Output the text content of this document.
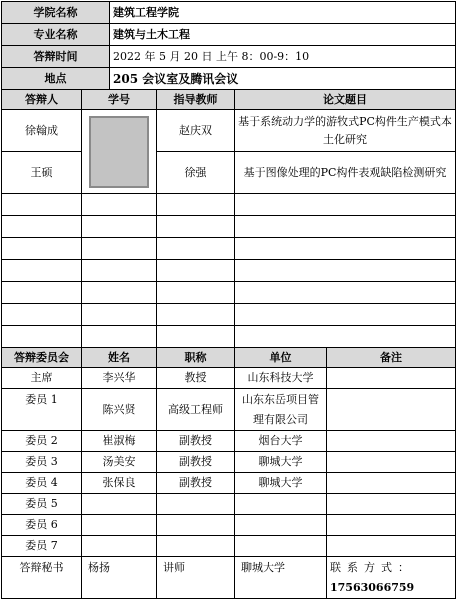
学院名称	建筑工程学院
专业名称	建筑与土木工程
答辩时间	2022 年 5 月 20 日 上午 8：00-9：10
地点	205 会议室及腾讯会议
答辩人	学号	指导教师	论文题目
徐翰成		赵庆双	基于系统动力学的游牧式PC构件生产模式本土化研究
王硕		徐强	基于图像处理的PC构件表观缺陷检测研究

答辩委员会	姓名	职称	单位	备注
主席	李兴华	教授	山东科技大学	
委员 1	陈兴贤	高级工程师	山东东岳项目管理有限公司	
委员 2	崔淑梅	副教授	烟台大学	
委员 3	汤美安	副教授	聊城大学	
委员 4	张保良	副教授	聊城大学	
委员 5				
委员 6				
委员 7				
答辩秘书	杨扬	讲师	聊城大学	联系方式：
17563066759
